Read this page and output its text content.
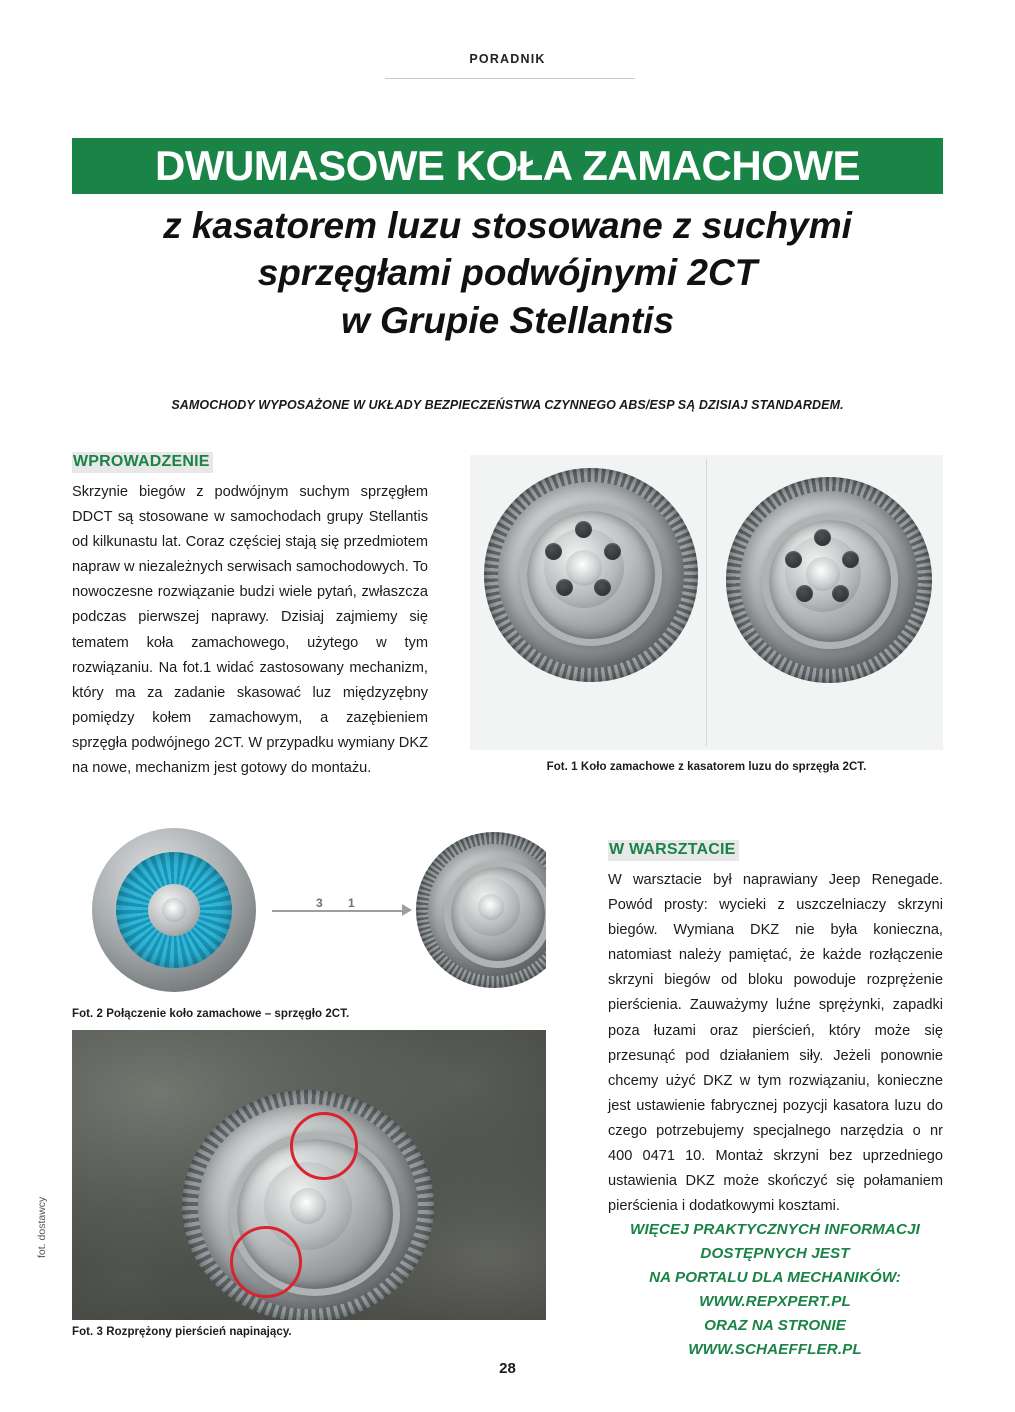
PORADNIK
DWUMASOWE KOŁA ZAMACHOWE
z kasatorem luzu stosowane z suchymi
sprzęgłami podwójnymi 2CT
w Grupie Stellantis
SAMOCHODY WYPOSAŻONE W UKŁADY BEZPIECZEŃSTWA CZYNNEGO ABS/ESP SĄ DZISIAJ STANDARDEM.
WPROWADZENIE
Skrzynie biegów z podwójnym suchym sprzęgłem DDCT są stosowane w samochodach grupy Stellantis od kilkunastu lat. Coraz częściej stają się przedmiotem napraw w niezależnych serwisach samochodowych. To nowoczesne rozwiązanie budzi wiele pytań, zwłaszcza podczas pierwszej naprawy. Dzisiaj zajmiemy się tematem koła zamachowego, użytego w tym rozwiązaniu. Na fot.1 widać zastosowany mechanizm, który ma za zadanie skasować luz międzyzębny pomiędzy kołem zamachowym, a zazębieniem sprzęgła podwójnego 2CT. W przypadku wymiany DKZ na nowe, mechanizm jest gotowy do montażu.	Fot. 1 Koło zamachowe z kasatorem luzu do sprzęgła 2CT.
3 1
Fot. 2 Połączenie koło zamachowe – sprzęgło 2CT.
Fot. 3 Rozprężony pierścień napinający.
W WARSZTACIE
W warsztacie był naprawiany Jeep Renegade. Powód prosty: wycieki z uszczelniaczy skrzyni biegów. Wymiana DKZ nie była konieczna, natomiast należy pamiętać, że każde rozłączenie skrzyni biegów od bloku powoduje rozprężenie pierścienia. Zauważymy luźne sprężynki, zapadki poza łuzami oraz pierścień, który może się przesunąć pod działaniem siły. Jeżeli ponownie chcemy użyć DKZ w tym rozwiązaniu, konieczne jest ustawienie fabrycznej pozycji kasatora luzu do czego potrzebujemy specjalnego narzędzia o nr 400 0471 10. Montaż skrzyni bez uprzedniego ustawienia DKZ może skończyć się połamaniem pierścienia i dodatkowymi kosztami.
WIĘCEJ PRAKTYCZNYCH INFORMACJI
DOSTĘPNYCH JEST
NA PORTALU DLA MECHANIKÓW:
WWW.REPXPERT.PL
ORAZ NA STRONIE
WWW.SCHAEFFLER.PL
fot. dostawcy
28
